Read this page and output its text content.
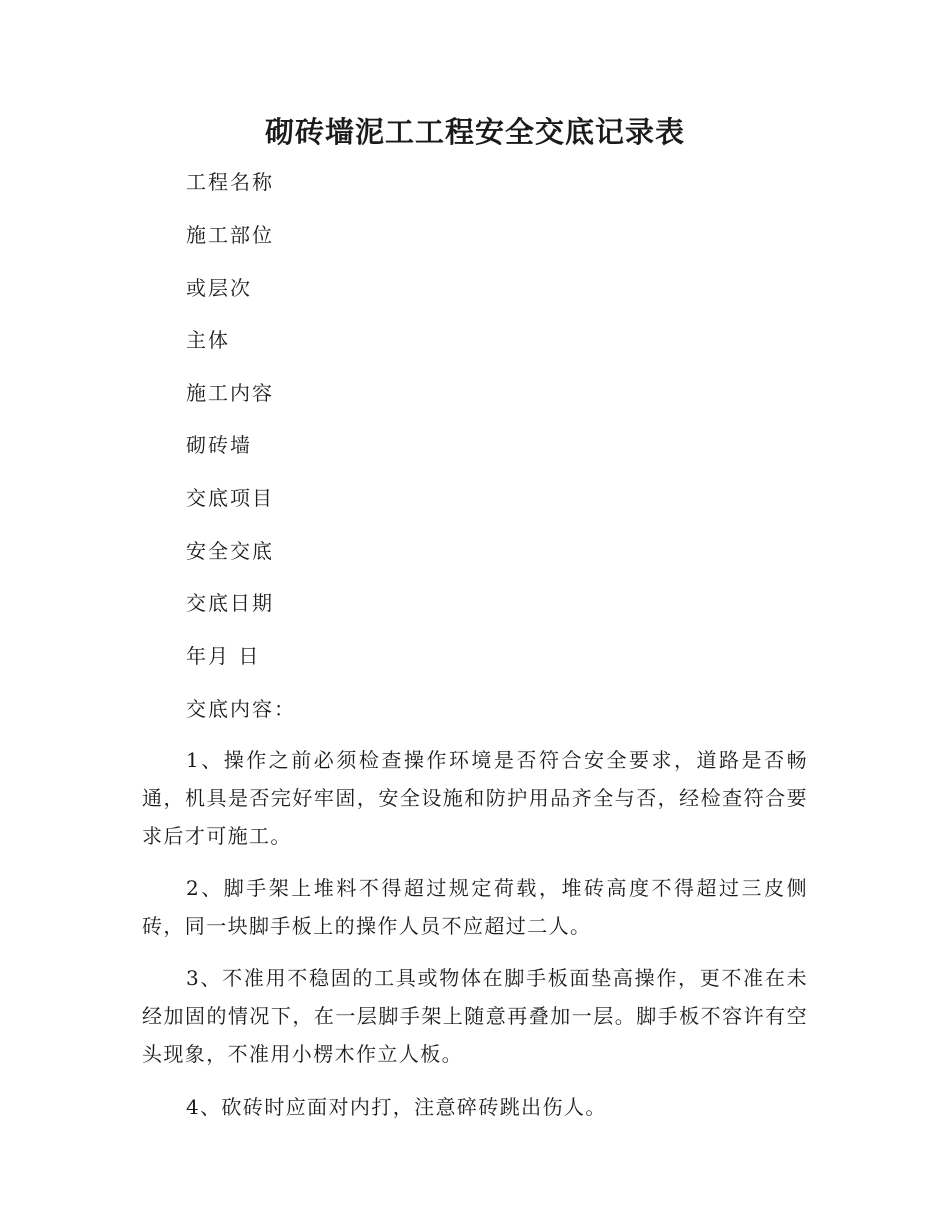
砌砖墙泥工工程安全交底记录表
工程名称
施工部位
或层次
主体
施工内容
砌砖墙
交底项目
安全交底
交底日期
年月 日
交底内容：
1、操作之前必须检查操作环境是否符合安全要求，道路是否畅通，机具是否完好牢固，安全设施和防护用品齐全与否，经检查符合要求后才可施工。
2、脚手架上堆料不得超过规定荷载，堆砖高度不得超过三皮侧砖，同一块脚手板上的操作人员不应超过二人。
3、不准用不稳固的工具或物体在脚手板面垫高操作，更不准在未经加固的情况下，在一层脚手架上随意再叠加一层。脚手板不容许有空头现象，不准用小楞木作立人板。
4、砍砖时应面对内打，注意碎砖跳出伤人。
